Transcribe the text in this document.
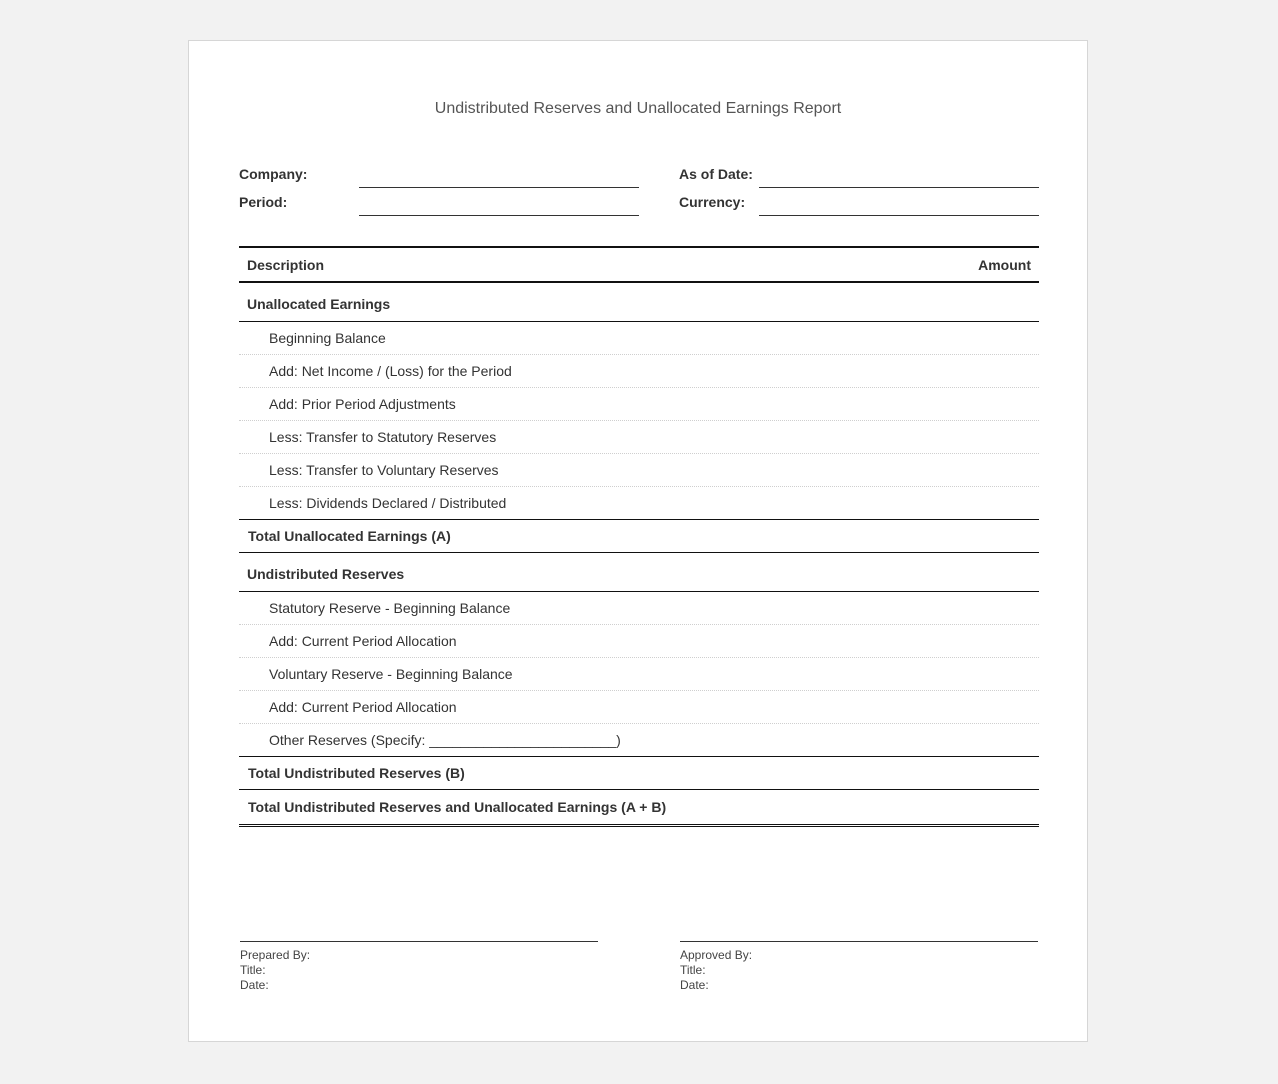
Undistributed Reserves and Unallocated Earnings Report
Company:	As of Date:
Period:	Currency:
Description	Amount
Unallocated Earnings
Beginning Balance
Add: Net Income / (Loss) for the Period
Add: Prior Period Adjustments
Less: Transfer to Statutory Reserves
Less: Transfer to Voluntary Reserves
Less: Dividends Declared / Distributed
Total Unallocated Earnings (A)
Undistributed Reserves
Statutory Reserve - Beginning Balance
Add: Current Period Allocation
Voluntary Reserve - Beginning Balance
Add: Current Period Allocation
Other Reserves (Specify: ________________________)
Total Undistributed Reserves (B)
Total Undistributed Reserves and Unallocated Earnings (A + B)
Prepared By:
Title:
Date:
Approved By:
Title:
Date:
